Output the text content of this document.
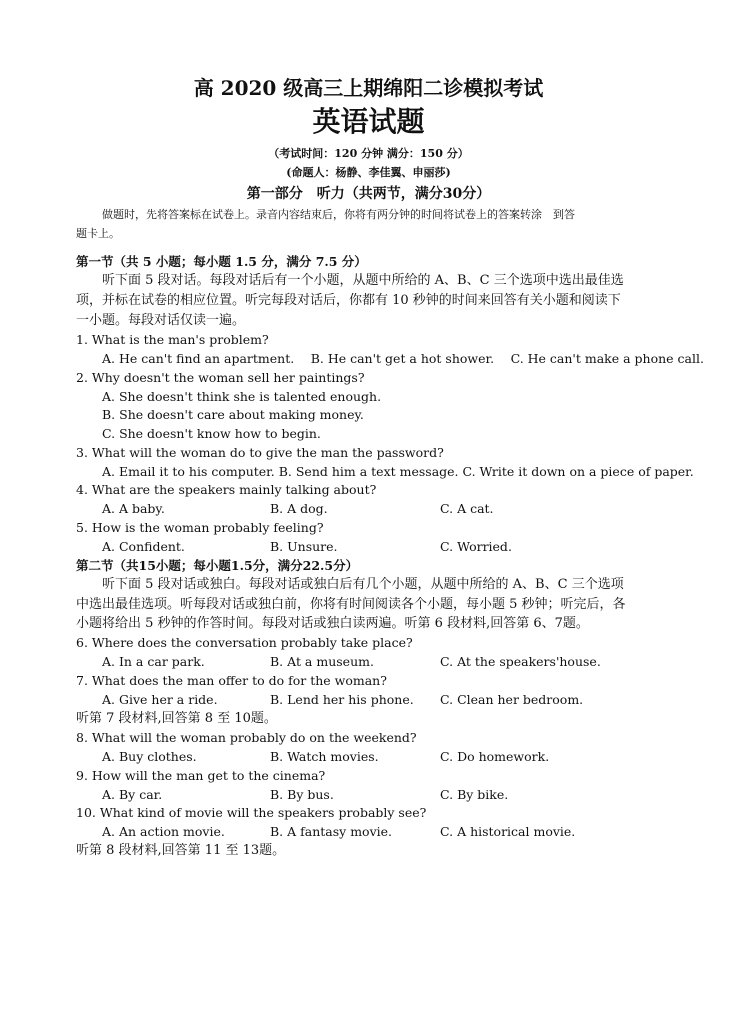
高 2020 级高三上期绵阳二诊模拟考试
英语试题
（考试时间：120 分钟 满分：150 分）
(命题人：杨静、李佳翼、申丽莎)
第一部分　听力（共两节，满分30分）
做题时，先将答案标在试卷上。录音内容结束后，你将有两分钟的时间将试卷上的答案转涂　到答
题卡上。
第一节（共 5 小题；每小题 1.5 分，满分 7.5 分）
听下面 5 段对话。每段对话后有一个小题，从题中所给的 A、B、C 三个选项中选出最佳选
项，并标在试卷的相应位置。听完每段对话后，你都有 10 秒钟的时间来回答有关小题和阅读下
一小题。每段对话仅读一遍。
1. What is the man's problem?
A. He can't find an apartment.　 B. He can't get a hot shower.　 C. He can't make a phone call.
2. Why doesn't the woman sell her paintings?
A. She doesn't think she is talented enough.
B. She doesn't care about making money.
C. She doesn't know how to begin.
3. What will the woman do to give the man the password?
A. Email it to his computer. B. Send him a text message. C. Write it down on a piece of paper.
4. What are the speakers mainly talking about?
A. A baby.	B. A dog.	C. A cat.
5. How is the woman probably feeling?
A. Confident.	B. Unsure.	C. Worried.
第二节（共15小题；每小题1.5分，满分22.5分）
听下面 5 段对话或独白。每段对话或独白后有几个小题，从题中所给的 A、B、C 三个选项
中选出最佳选项。听每段对话或独白前，你将有时间阅读各个小题，每小题 5 秒钟；听完后，各
小题将给出 5 秒钟的作答时间。每段对话或独白读两遍。听第 6 段材料,回答第 6、7题。
6. Where does the conversation probably take place?
A. In a car park.	B. At a museum.	C. At the speakers'house.
7. What does the man offer to do for the woman?
A. Give her a ride.	B. Lend her his phone. C. Clean her bedroom.
听第 7 段材料,回答第 8 至 10题。
8. What will the woman probably do on the weekend?
A. Buy clothes.	B. Watch movies.	C. Do homework.
9. How will the man get to the cinema?
A. By car.	B. By bus.	C. By bike.
10. What kind of movie will the speakers probably see?
A. An action movie.	B. A fantasy movie.	C. A historical movie.
听第 8 段材料,回答第 11 至 13题。
